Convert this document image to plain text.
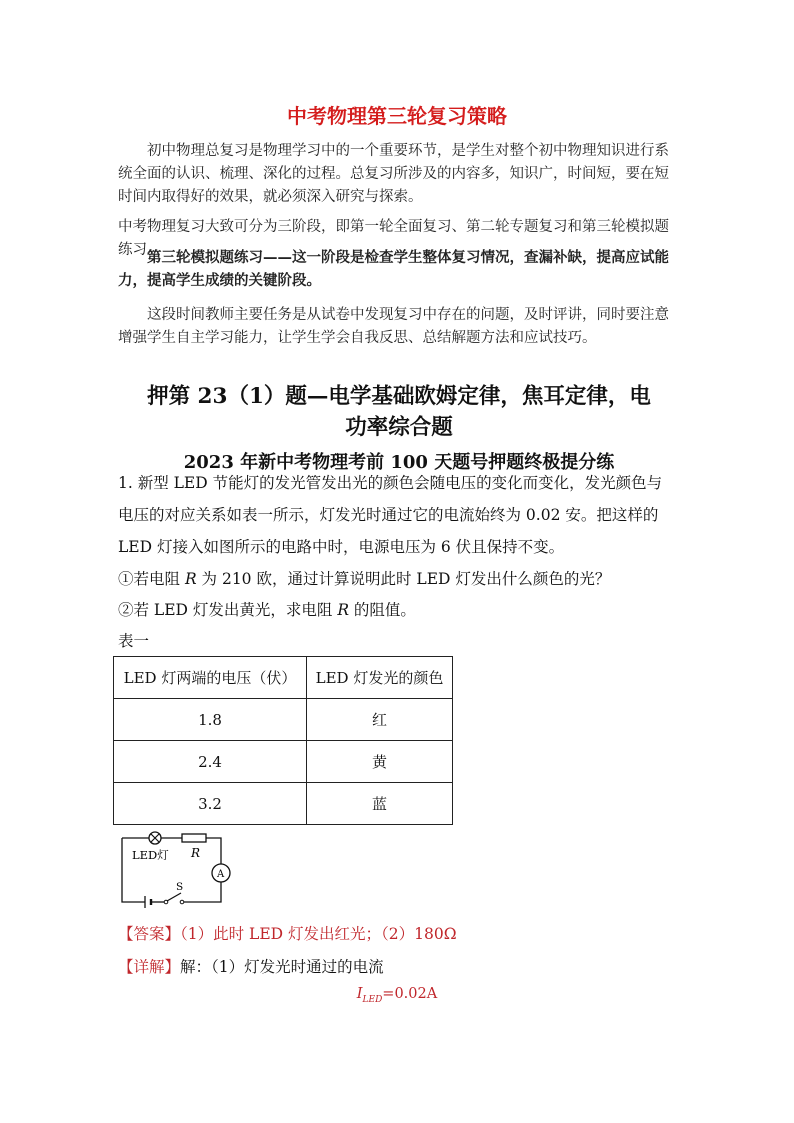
中考物理第三轮复习策略
初中物理总复习是物理学习中的一个重要环节，是学生对整个初中物理知识进行系统全面的认识、梳理、深化的过程。总复习所涉及的内容多，知识广，时间短，要在短时间内取得好的效果，就必须深入研究与探索。
中考物理复习大致可分为三阶段，即第一轮全面复习、第二轮专题复习和第三轮模拟题练习。
第三轮模拟题练习——这一阶段是检查学生整体复习情况，查漏补缺，提高应试能力，提高学生成绩的关键阶段。
这段时间教师主要任务是从试卷中发现复习中存在的问题，及时评讲，同时要注意增强学生自主学习能力，让学生学会自我反思、总结解题方法和应试技巧。
押第 23（1）题—电学基础欧姆定律，焦耳定律，电
功率综合题
2023 年新中考物理考前 100 天题号押题终极提分练
1. 新型 LED 节能灯的发光管发出光的颜色会随电压的变化而变化，发光颜色与
电压的对应关系如表一所示，灯发光时通过它的电流始终为 0.02 安。把这样的
LED 灯接入如图所示的电路中时，电源电压为 6 伏且保持不变。
①若电阻 R 为 210 欧，通过计算说明此时 LED 灯发出什么颜色的光？
②若 LED 灯发出黄光，求电阻 R 的阻值。
表一
LED 灯两端的电压（伏）	LED 灯发光的颜色
1.8	红
2.4	黄
3.2	蓝
LED灯 R
A
S
【答案】（1）此时 LED 灯发出红光；（2）180Ω
【详解】解：（1）灯发光时通过的电流
$I_{LED}=0.02A$
